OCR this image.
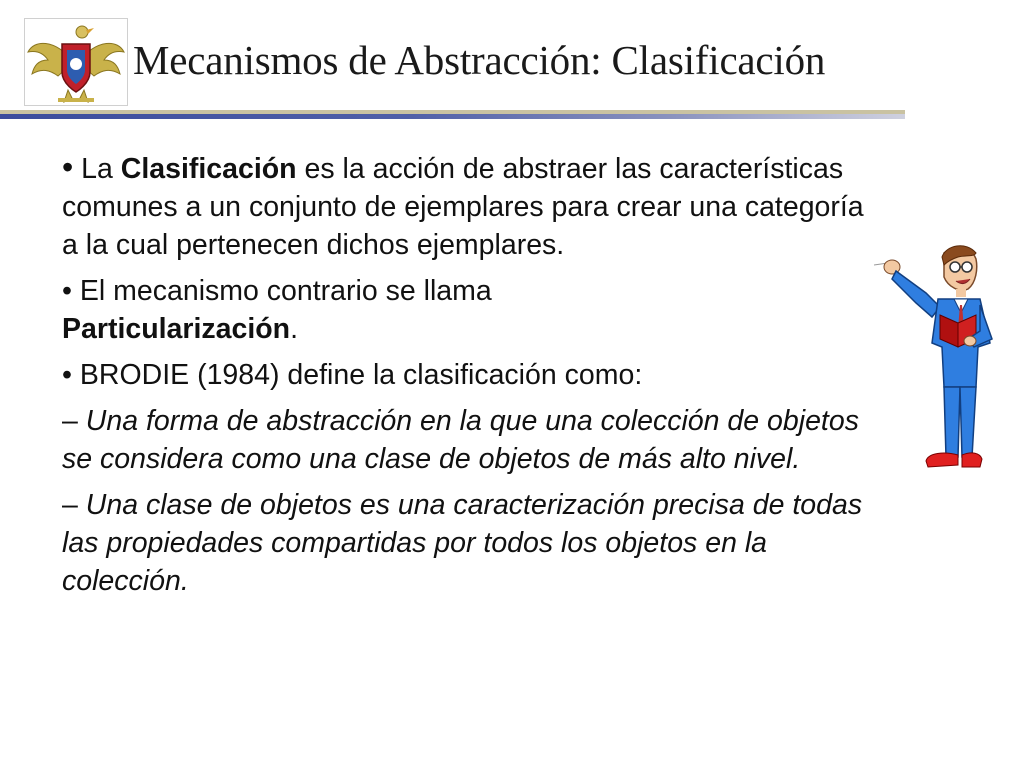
Mecanismos de Abstracción: Clasificación

• La Clasificación es la acción de abstraer las características comunes a un conjunto de ejemplares para crear una categoría a la cual pertenecen dichos ejemplares.

• El mecanismo contrario se llama
Particularización.

• BRODIE (1984) define la clasificación como:

– Una forma de abstracción en la que una colección de objetos se considera como una clase de objetos de más alto nivel.

– Una clase de objetos es una caracterización precisa de todas las propiedades compartidas por todos los objetos en la colección.
